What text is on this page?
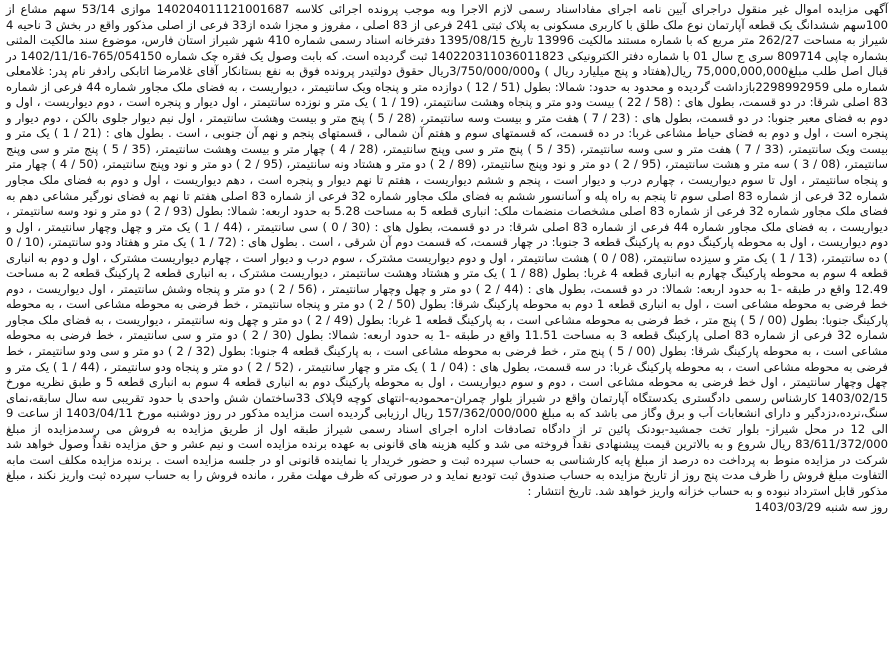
آگهی مزایده اموال غیر منقول دراجرای آیین نامه اجرای مفاداسناد رسمی لازم الاجرا وبه موجب پرونده اجرائی کلاسه 140204011121001687 موازی 53/14 سهم مشاع از 100سهم ششدانگ یک قطعه آپارتمان نوع ملک طلق با کاربری مسکونی به پلاک ثبتی 241 فرعی از 83 اصلی ، مفروز و مجزا شده از33 فرعی از اصلی مذکور واقع در بخش 3 ناحیه 4 شیراز به مساحت 262/27 متر مربع که با شماره مستند مالکیت 13996 تاریخ 1395/08/15 دفترخانه اسناد رسمی شماره 410 شهر شیراز استان فارس، موضوع سند مالکیت المثنی بشماره چاپی 809714 سری ج سال 01 با شماره دفتر الکترونیکی 140220311036011823 ثبت گردیده است. که بابت وصول یک فقره چک شماره 765/054150-1402/11/16 در قبال اصل طلب مبلغ75,000,000,000 ریال(هفتاد و پنج میلیارد ریال ) و3/750/000/000ریال حقوق دولتیدر پرونده فوق به نفع بستانکار آقای غلامرضا اتابکی رادفر نام پدر: غلامعلی شماره ملی 2298992959بازداشت گردیده و محدود به حدود: شمالا: بطول (51 / 12 ) دوازده متر و پنجاه ویک سانتیمتر ، دیواریست ، به فضای ملک مجاور شماره 44 فرعی از شماره 83 اصلی شرقا: در دو قسمت، بطول های : (58 / 22 ) بیست ودو متر و پنجاه وهشت سانتیمتر، (19 / 1 ) یک متر و نوزده سانتیمتر ، اول دیوار و پنجره است ، دوم دیواریست ، اول و دوم به فضای معبر جنوبا: در دو قسمت، بطول های : (23 / 7 ) هفت متر و بیست وسه سانتیمتر، (28 / 5 ) پنج متر و بیست وهشت سانتیمتر ، اول نیم دیوار جلوی بالکن ، دوم دیوار و پنجره است ، اول و دوم به فضای حیاط مشاعی غربا: در ده قسمت، که قسمتهای سوم و هفتم آن شمالی ، قسمتهای پنجم و نهم آن جنوبی ، است . بطول های : (21 / 1 ) یک متر و بیست ویک سانتیمتر، (33 / 7 ) هفت متر و سی وسه سانتیمتر، (35 / 5 ) پنج متر و سی وپنج سانتیمتر، (28 / 4 ) چهار متر و بیست وهشت سانتیمتر، (35 / 5 ) پنج متر و سی وپنج سانتیمتر، (08 / 3 ) سه متر و هشت سانتیمتر، (95 / 2 ) دو متر و نود وپنج سانتیمتر، (89 / 2 ) دو متر و هشتاد ونه سانتیمتر، (95 / 2 ) دو متر و نود وپنج سانتیمتر، (50 / 4 ) چهار متر و پنجاه سانتیمتر ، اول تا سوم دیواریست ، چهارم درب و دیوار است ، پنجم و ششم دیواریست ، هفتم تا نهم دیوار و پنجره است ، دهم دیواریست ، اول و دوم به فضای ملک مجاور شماره 32 فرعی از شماره 83 اصلی سوم تا پنجم به راه پله و آسانسور ششم به فضای ملک مجاور شماره 32 فرعی از شماره 83 اصلی هفتم تا نهم به فضای نورگیر مشاعی دهم به فضای ملک مجاور شماره 32 فرعی از شماره 83 اصلی مشخصات منضمات ملک: انباری قطعه 5 به مساحت 5.28 به حدود اربعه: شمالا: بطول (93 / 2 ) دو متر و نود وسه سانتیمتر ، دیواریست ، به فضای ملک مجاور شماره 44 فرعی از شماره 83 اصلی شرقا: در دو قسمت، بطول های : (30 / 0 ) سی سانتیمتر ، (44 / 1 ) یک متر و چهل وچهار سانتیمتر ، اول و دوم دیواریست ، اول به محوطه پارکینگ دوم به پارکینگ قطعه 3 جنوبا: در چهار قسمت، که قسمت دوم آن شرقی ، است . بطول های : (72 / 1 ) یک متر و هفتاد ودو سانتیمتر، (10 / 0 ) ده سانتیمتر، (13 / 1 ) یک متر و سیزده سانتیمتر، (08 / 0 ) هشت سانتیمتر ، اول و دوم دیواریست مشترک ، سوم درب و دیوار است ، چهارم دیواریست مشترک ، اول و دوم به انباری قطعه 4 سوم به محوطه پارکینگ چهارم به انباری قطعه 4 غربا: بطول (88 / 1 ) یک متر و هشتاد وهشت سانتیمتر ، دیواریست مشترک ، به انباری قطعه 2 پارکینگ قطعه 2 به مساحت 12.49 واقع در طبقه -1 به حدود اربعه: شمالا: در دو قسمت، بطول های : (44 / 2 ) دو متر و چهل وچهار سانتیمتر ، (56 / 2 ) دو متر و پنجاه وشش سانتیمتر ، اول دیواریست ، دوم خط فرضی به محوطه مشاعی است ، اول به انباری قطعه 1 دوم به محوطه پارکینگ شرقا: بطول (50 / 2 ) دو متر و پنجاه سانتیمتر ، خط فرضی به محوطه مشاعی است ، به محوطه پارکینگ جنوبا: بطول (00 / 5 ) پنج متر ، خط فرضی به محوطه مشاعی است ، به پارکینگ قطعه 1 غربا: بطول (49 / 2 ) دو متر و چهل ونه سانتیمتر ، دیواریست ، به فضای ملک مجاور شماره 32 فرعی از شماره 83 اصلی پارکینگ قطعه 3 به مساحت 11.51 واقع در طبقه -1 به حدود اربعه: شمالا: بطول (30 / 2 ) دو متر و سی سانتیمتر ، خط فرضی به محوطه مشاعی است ، به محوطه پارکینگ شرقا: بطول (00 / 5 ) پنج متر ، خط فرضی به محوطه مشاعی است ، به پارکینگ قطعه 4 جنوبا: بطول (32 / 2 ) دو متر و سی ودو سانتیمتر ، خط فرضی به محوطه مشاعی است ، به محوطه پارکینگ غربا: در سه قسمت، بطول های : (04 / 1 ) یک متر و چهار سانتیمتر ، (52 / 2 ) دو متر و پنجاه ودو سانتیمتر ، (44 / 1 ) یک متر و چهل وچهار سانتیمتر ، اول خط فرضی به محوطه مشاعی است ، دوم و سوم دیواریست ، اول به محوطه پارکینگ دوم به انباری قطعه 4 سوم به انباری قطعه 5 و طبق نظریه مورخ 1403/02/15 کارشناس رسمی دادگستری یکدستگاه آپارتمان واقع در شیراز بلوار چمران-محمودیه-انتهای کوچه 9پلاک 33ساختمان شش واحدی با حدود تقریبی سه سال سابقه،نمای سنگ،نرده،دزدگیر و دارای انشعابات آب و برق وگاز می باشد که به مبلغ 157/362/000/000 ریال ارزیابی گردیده است مزایده مذکور در روز دوشنبه مورخ 1403/04/11 از ساعت 9 الی 12 در محل شیراز- بلوار تخت جمشید-بودنک پائین تر از دادگاه تصادفات اداره اجرای اسناد رسمی شیراز طبقه اول از طریق مزایده به فروش می رسدمزایده از مبلغ 83/611/372/000 ریال شروع و به بالاترین قیمت پیشنهادی نقداً فروخته می شد و کلیه هزینه های قانونی به عهده برنده مزایده است و نیم عشر و حق مزایده نقداً وصول خواهد شد شرکت در مزایده منوط به پرداخت ده درصد از مبلغ پایه کارشناسی به حساب سپرده ثبت و حضور خریدار یا نماینده قانونی او در جلسه مزایده است . برنده مزایده مکلف است مابه التفاوت مبلغ فروش را ظرف مدت پنج روز از تاریخ مزایده به حساب صندوق ثبت تودیع نماید و در صورتی که ظرف مهلت مقرر ، مانده فروش را به حساب سپرده ثبت واریز نکند ، مبلغ مذکور قابل استرداد نبوده و به حساب خزانه واریز خواهد شد. تاریخ انتشار :

روز سه شنبه 1403/03/29
